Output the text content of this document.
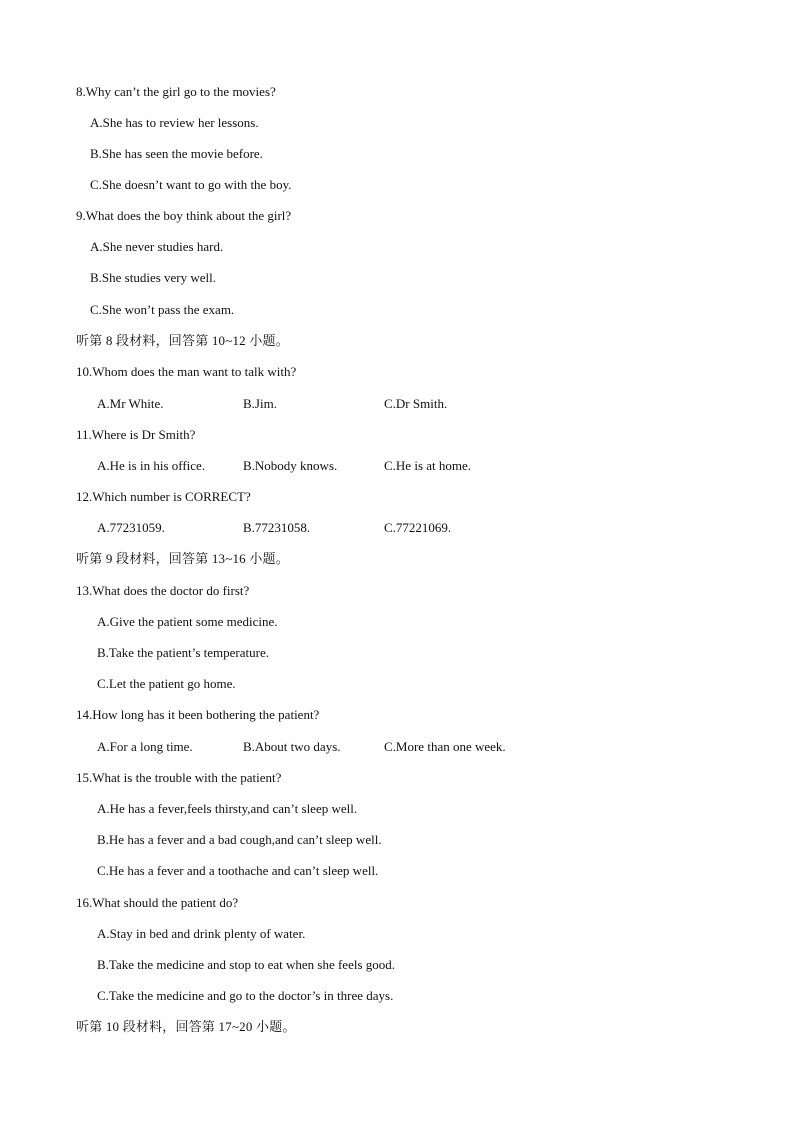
8.Why can’t the girl go to the movies?
A.She has to review her lessons.
B.She has seen the movie before.
C.She doesn’t want to go with the boy.
9.What does the boy think about the girl?
A.She never studies hard.
B.She studies very well.
C.She won’t pass the exam.
听第 8 段材料，回答第 10~12 小题。
10.Whom does the man want to talk with?
A.Mr White.	B.Jim.	C.Dr Smith.
11.Where is Dr Smith?
A.He is in his office.	B.Nobody knows.	C.He is at home.
12.Which number is CORRECT?
A.77231059.	B.77231058.	C.77221069.
听第 9 段材料，回答第 13~16 小题。
13.What does the doctor do first?
A.Give the patient some medicine.
B.Take the patient’s temperature.
C.Let the patient go home.
14.How long has it been bothering the patient?
A.For a long time.	B.About two days.	C.More than one week.
15.What is the trouble with the patient?
A.He has a fever,feels thirsty,and can’t sleep well.
B.He has a fever and a bad cough,and can’t sleep well.
C.He has a fever and a toothache and can’t sleep well.
16.What should the patient do?
A.Stay in bed and drink plenty of water.
B.Take the medicine and stop to eat when she feels good.
C.Take the medicine and go to the doctor’s in three days.
听第 10 段材料，回答第 17~20 小题。
